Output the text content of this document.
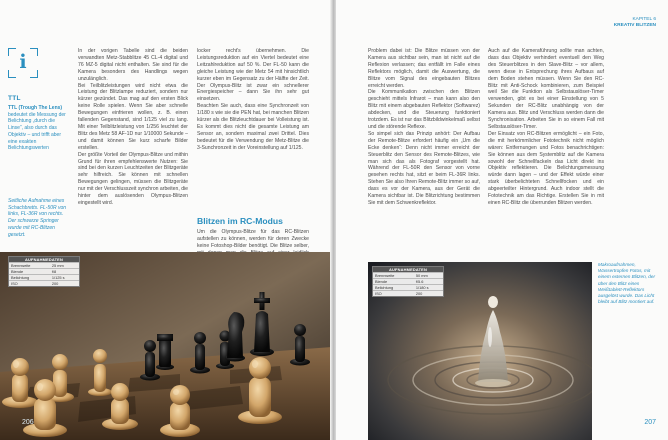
i
TTL

TTL (Trough The Lens) bedeutet die Messung der Belichtung „durch die Linse“, also durch das Objektiv – und trifft aber eine exakten Belichtungswerten

Seitliche Aufnahme eines Schachbretts. FL-50R von links, FL-36R von rechts. Der schwarze Springer wurde mit RC-Blitzen gesetzt.

In der vorigen Tabelle sind die beiden verwandten Metz-Stabblitze 45 CL-4 digital und 76 MZ-5 digital nicht enthalten. Sie sind für die Kamera besonders des Handlings wegen unzulänglich.

Bei Teilblitzleistungen wird nicht etwa die Leistung der Blitzlampe reduziert, sondern nur kürzer gezündet. Das mag auf den ersten Blick keine Rolle spielen. Wenn Sie aber schnelle Bewegungen einfrieren wollen, z. B. einen fallenden Gegenstand, sind 1/125 viel zu lang. Mit einer Teilblitzleistung von 1/256 leuchtet der Blitz des Metz 58 AF-1D nur 1/10000 Sekunde – und damit können Sie kurz scharfe Bilder erstellen.

Der größte Vorteil der Olympus-Blitze und mithin Grund für ihren empfehlenswerte Nutzen: Sie sind bei den kurzen Leuchtzeiten der Blitzgeräte sehr hilfreich. Sie können mit schnellen Bewegungen gelingen, müssen die Blitzgeräte nur mit der Verschlusszeit synchron arbeiten, die hinter dem auslösenden Olympus-Blitzen eingestellt wird.

locker recht's übernehmen. Die Leistungsreduktion auf ein Viertel bedeutet eine Leitzahlreduktion auf 50 %. Der FL-50 kann die gleiche Leistung wie der Metz 54 mit hinsichtlich kurzer eben im Gegensatz zu der Hälfte der Zeit. Der Olympus-Blitz ist zwar ein schnellerer Energiespeicher – dann Sie ihn sehr gut einsetzen.

Beachten Sie auch, dass eine Synchronzeit von 1/180 s wie sie die PEN hat, bei manchen Blitzen kürzer als die Blitzleuchtdauer bei Volleistung ist. Es kommt dies nicht die gesamte Leistung am Sensor an, sondern maximal zwei Drittel. Dies bedeutet für die Verwendung der Metz-Blitze die 3-Sunchronzeit in der Voreinstellung auf 1/125.

Blitzen im RC-Modus

Um die Olympus-Blitze für das RC-Blitzen aufstellen zu können, werden für deren Zwecke keine Fotoshop-Bilder benötigt. Die Blitze selber,

AUFNAHMEDATEN
Brennweite	25 mm
Blende	f/8
Belichtung	1/125 s
ISO	200
206
KAPITEL 6
KREATIV BLITZEN

Problem dabei ist: Die Blitze müssen von der Kamera aus sichtbar sein, man ist nicht auf die Reflexion verlassen; das entfällt im Falle eines Reflektors möglich, damit die Auswertung, die Blitze vom Signal des eingebauten Blitzes erreicht werden.

Die Kommunikation zwischen den Blitzen geschieht mittels Infrarot – man kann also den Blitz mit einem abgebauten Reflektor (Softwarez) abdecken, und die Steuerung funktioniert trotzdem. Es ist nur das Blitzbildwinkelmaß selbst und die störende Reflexe.

So simpel sich das Prinzip anhört: Der Aufbau der Remote-Blitze erfordert häufig ein „Um die Ecke denken“: Denn nicht immer erreicht der Steuerblitz den Sensor des Remote-Blitzes, wie man sich das als Fotograf vorgestellt hat. Während der FL-50R den Sensor von vorne gesehen rechts hat, sitzt er beim FL-36R links. Stehen Sie also Ihren Remote-Blitz immer so auf, dass es vor der Kamera, aus der Gerät die Kamera sichtbar ist. Die Blitzrichtung bestimmen Sie mit dem Schwenkreflektor.

Auch auf die Kameraführung sollte man achten, dass das Objektiv verhindert eventuell den Weg des Steuerblitzes in den Slave-Blitz – vor allem, wenn diese in Entsprechung ihres Aufbaus auf dem Boden stehen müssen. Wenn Sie den RC-Blitz mit Anti-Schock kombinieren, zum Beispiel weil Sie die Funktion als Selbstauslöser-Timer verwenden, gibt es bei einer Einstellung von 5 Sekunden der RC-Blitz unabhängig von der Kamera aus. Blitz und Verschluss werden dann die Synchronisation. Arbeiten Sie in so einem Fall mit Selbstauslöser-Timer.

Der Einsatz von RC-Blitzen ermöglicht – ein Foto, die mit herkömmlicher Fototechnik nicht möglich wären: Entfernungen und Fotos benachrichtigen: Sie können aus dem Systemblitz auf die Kamera sowohl der Schnellfackeln das Licht direkt ins Objektiv reflektieren. Die Belichtungsmessung würde dann lagen – und der Effekt würde einer stark überbelichteten Schnellfocken und ein abgeerteilter Hintergrund. Auch indoor stellt die Fototechnik am das Richtige. Erstellen Sie in mit einen RC-Blitz die überrunden Blitzen werden.

AUFNAHMEDATEN
Brennweite	50 mm
Blende	f/5.6
Belichtung	1/180 s
ISO	200

Makroaufnahmen, Wassertropfen Fotos, mit einem externen Blitzen, der über den Blitz eines Weißtablett-Reflektors ausgelöst wurde. Das Licht bleibt auf Blitz montiert auf.

207
